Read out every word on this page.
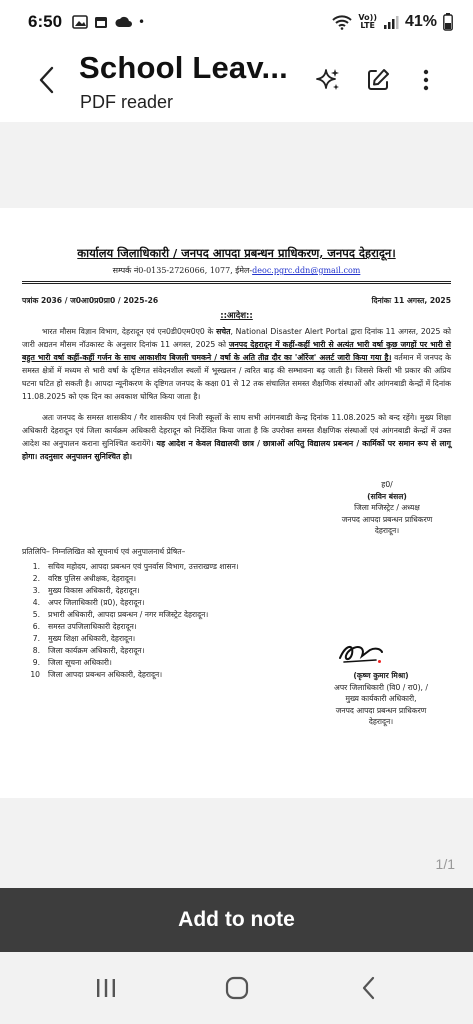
6:50	•	Vo))
LTE 41%
School Leav...
PDF reader
कार्यालय जिलाधिकारी / जनपद आपदा प्रबन्धन प्राधिकरण, जनपद देहरादून।
सम्पर्क नं0-0135-2726066, 1077, ईमेल-deoc.pgrc.ddn@gmail.com
पत्रांक 2036 / ज0आ0प्र0प्रा0 / 2025-26	दिनांकः 11 अगस्त, 2025
::आदेश::

भारत मौसम विज्ञान विभाग, देहरादून एवं एन0डी0एम0ए0 के सचेत, National Disaster Alert Portal द्वारा दिनांक 11 अगस्त, 2025 को जारी अद्यतन मौसम नॉउकास्ट के अनुसार दिनांक 11 अगस्त, 2025 को जनपद देहरादून में कहीं-कहीं भारी से अत्यंत भारी वर्षा कुछ जगहों पर भारी से बहुत भारी वर्षा कहीं-कहीं गर्जन के साथ आकाशीय बिजली चमकने / वर्षा के अति तीव्र दौर का 'ऑरेंज' अलर्ट जारी किया गया है। वर्तमान में जनपद के समस्त क्षेत्रों में मध्यम से भारी वर्षा के दृष्टिगत संवेदनशील स्थलों में भूस्खलन / त्वरित बाढ़ की सम्भावना बढ़ जाती है। जिससे किसी भी प्रकार की अप्रिय घटना घटित हो सकती है। आपदा न्यूनीकरण के दृष्टिगत जनपद के कक्षा 01 से 12 तक संचालित समस्त शैक्षणिक संस्थाओं और आंगनबाडी केन्द्रों में दिनांक 11.08.2025 को एक दिन का अवकाश घोषित किया जाता है।

अतः जनपद के समस्त शासकीय / गैर शासकीय एवं निजी स्कूलों के साथ सभी आंगनबाडी केन्द्र दिनांक 11.08.2025 को बन्द रहेंगे। मुख्य शिक्षा अधिकारी देहरादून एवं जिला कार्यक्रम अधिकारी देहरादून को निर्देशित किया जाता है कि उपरोक्त समस्त शैक्षणिक संस्थाओं एवं आंगनबाडी केन्द्रों में उक्त आदेश का अनुपालन कराना सुनिश्चित करायेंगे। यह आदेश न केवल विद्यालयी छात्र / छात्राओं अपितु विद्यालय प्रबन्धन / कार्मिकों पर समान रूप से लागू होगा। तदनुसार अनुपालन सुनिश्चित हो।

ह0/
(सविन बंसल)
जिला मजिस्ट्रेट / अध्यक्ष
जनपद आपदा प्रबन्धन प्राधिकरण
देहरादून।
प्रतिलिपि– निम्नलिखित को सूचनार्थ एवं अनुपालनार्थ प्रेषित–
1. सचिव महोदय, आपदा प्रबन्धन एवं पुनर्वास विभाग, उत्तराखण्ड शासन।
2. वरिष्ठ पुलिस अधीक्षक, देहरादून।
3. मुख्य विकास अधिकारी, देहरादून।
4. अपर जिलाधिकारी (प्र0), देहरादून।
5. प्रभारी अधिकारी, आपदा प्रबन्धन / नगर मजिस्ट्रेट देहरादून।
6. समस्त उपजिलाधिकारी देहरादून।
7. मुख्य शिक्षा अधिकारी, देहरादून।
8. जिला कार्यक्रम अधिकारी, देहरादून।
9. जिला सूचना अधिकारी।
10 जिला आपदा प्रबन्धन अधिकारी, देहरादून।	(कृष्ण कुमार मिश्रा)
अपर जिलाधिकारी (वि0 / रा0), /
मुख्य कार्यकारी अधिकारी,
जनपद आपदा प्रबन्धन प्राधिकरण
देहरादून।
1/1
Add to note
